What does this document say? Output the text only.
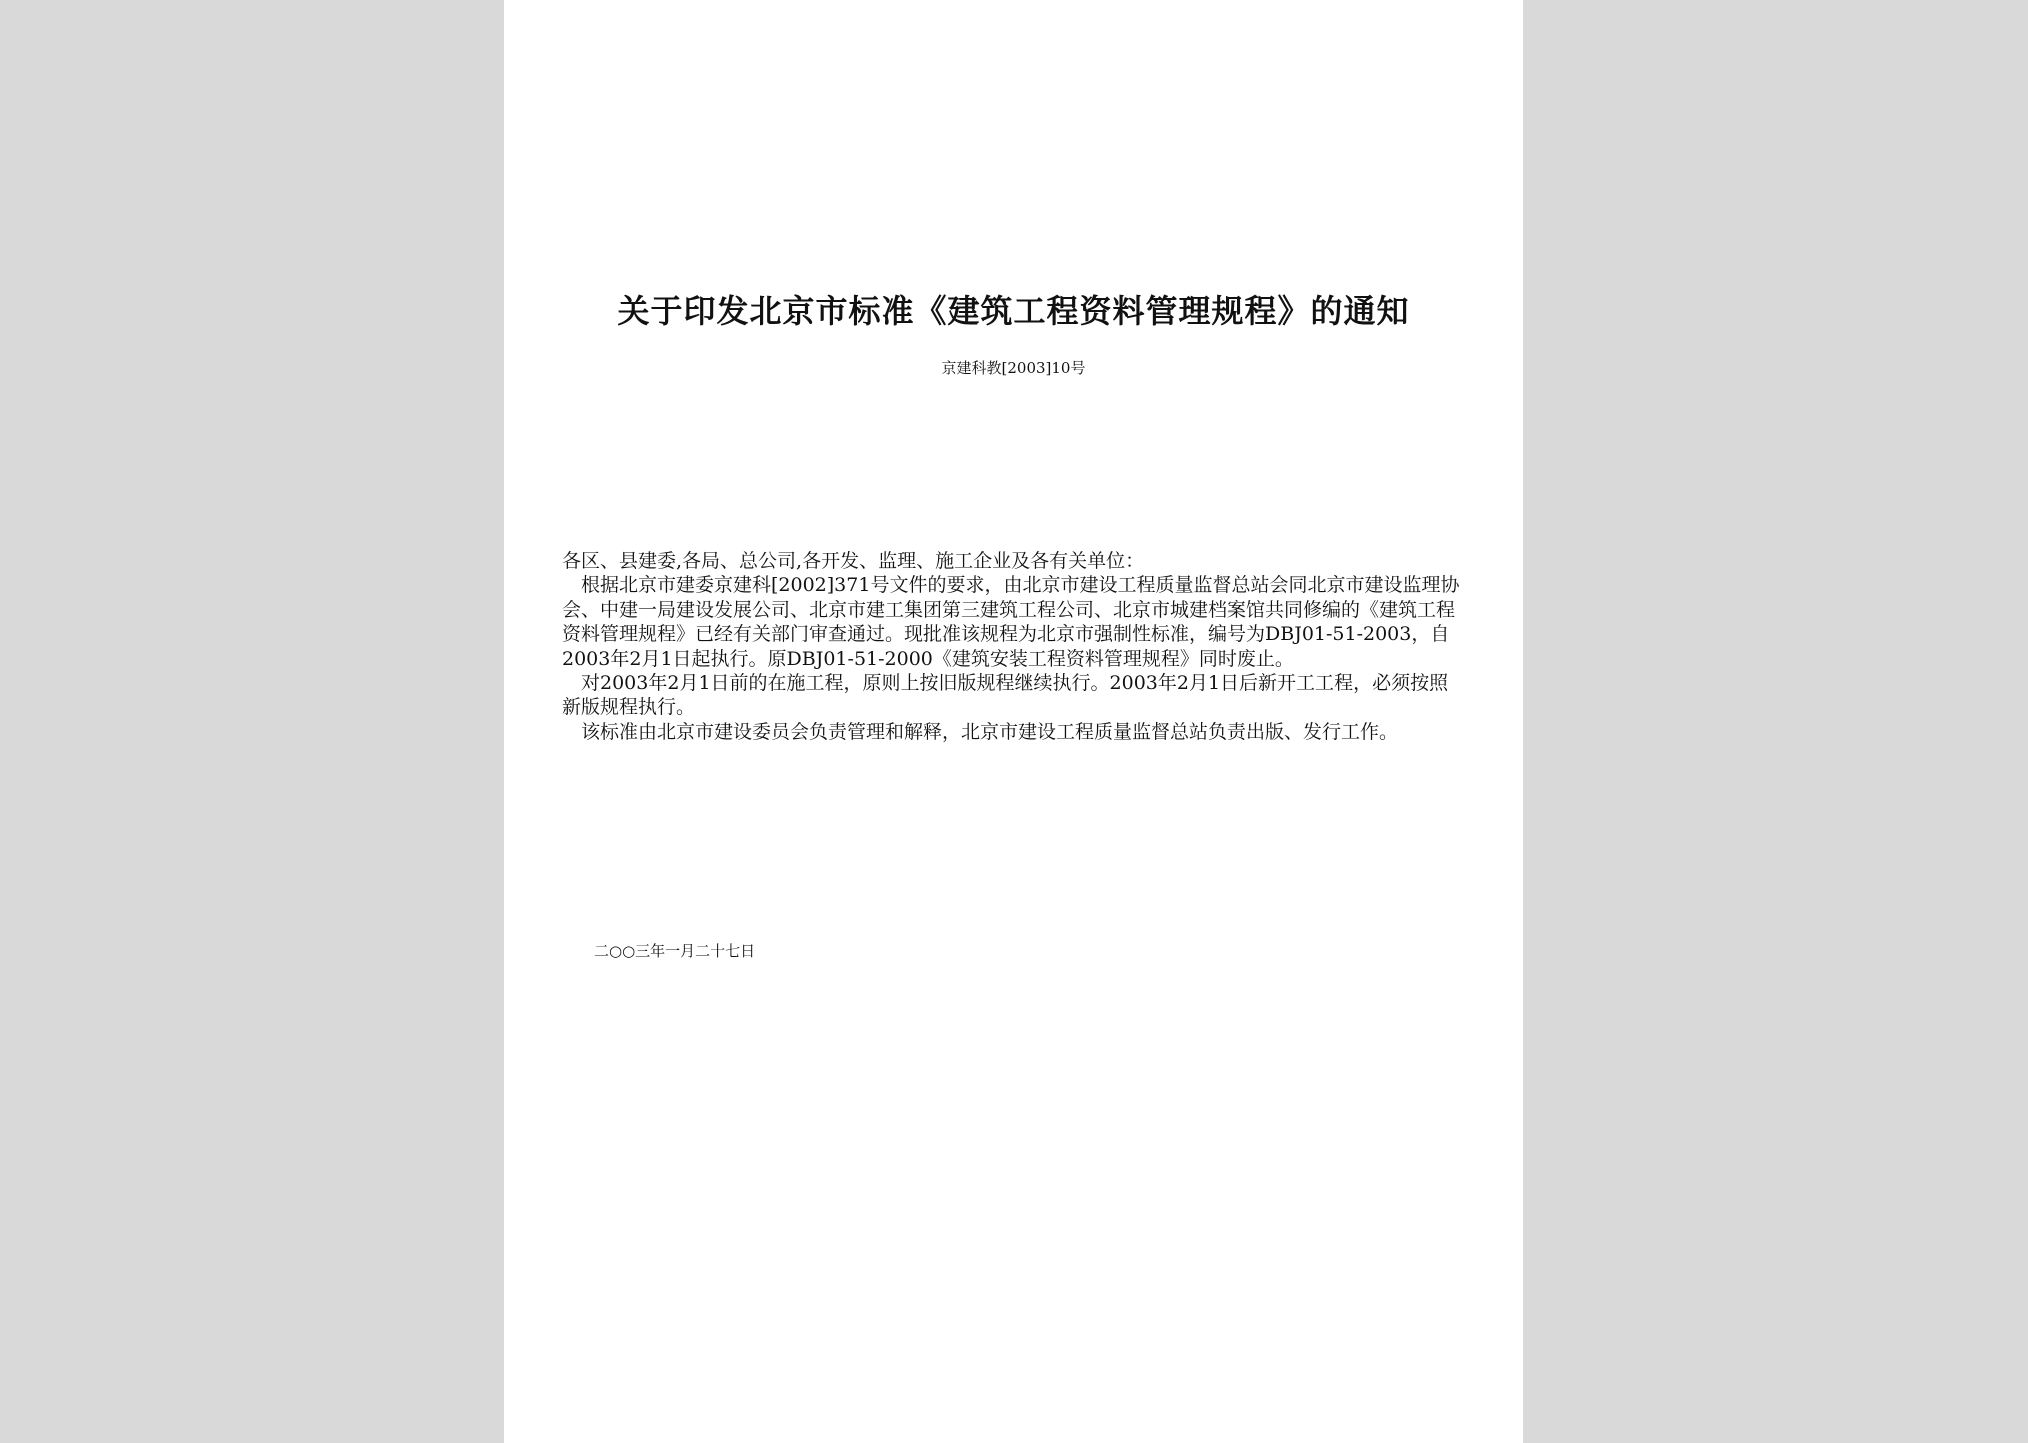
关于印发北京市标准《建筑工程资料管理规程》的通知
京建科教[2003]10号

各区、县建委,各局、总公司,各开发、监理、施工企业及各有关单位：

根据北京市建委京建科[2002]371号文件的要求，由北京市建设工程质量监督总站会同北京市建设监理协会、中建一局建设发展公司、北京市建工集团第三建筑工程公司、北京市城建档案馆共同修编的《建筑工程资料管理规程》已经有关部门审查通过。现批准该规程为北京市强制性标准，编号为DBJ01-51-2003，自2003年2月1日起执行。原DBJ01-51-2000《建筑安装工程资料管理规程》同时废止。

对2003年2月1日前的在施工程，原则上按旧版规程继续执行。2003年2月1日后新开工工程，必须按照新版规程执行。

该标准由北京市建设委员会负责管理和解释，北京市建设工程质量监督总站负责出版、发行工作。

二○○三年一月二十七日
